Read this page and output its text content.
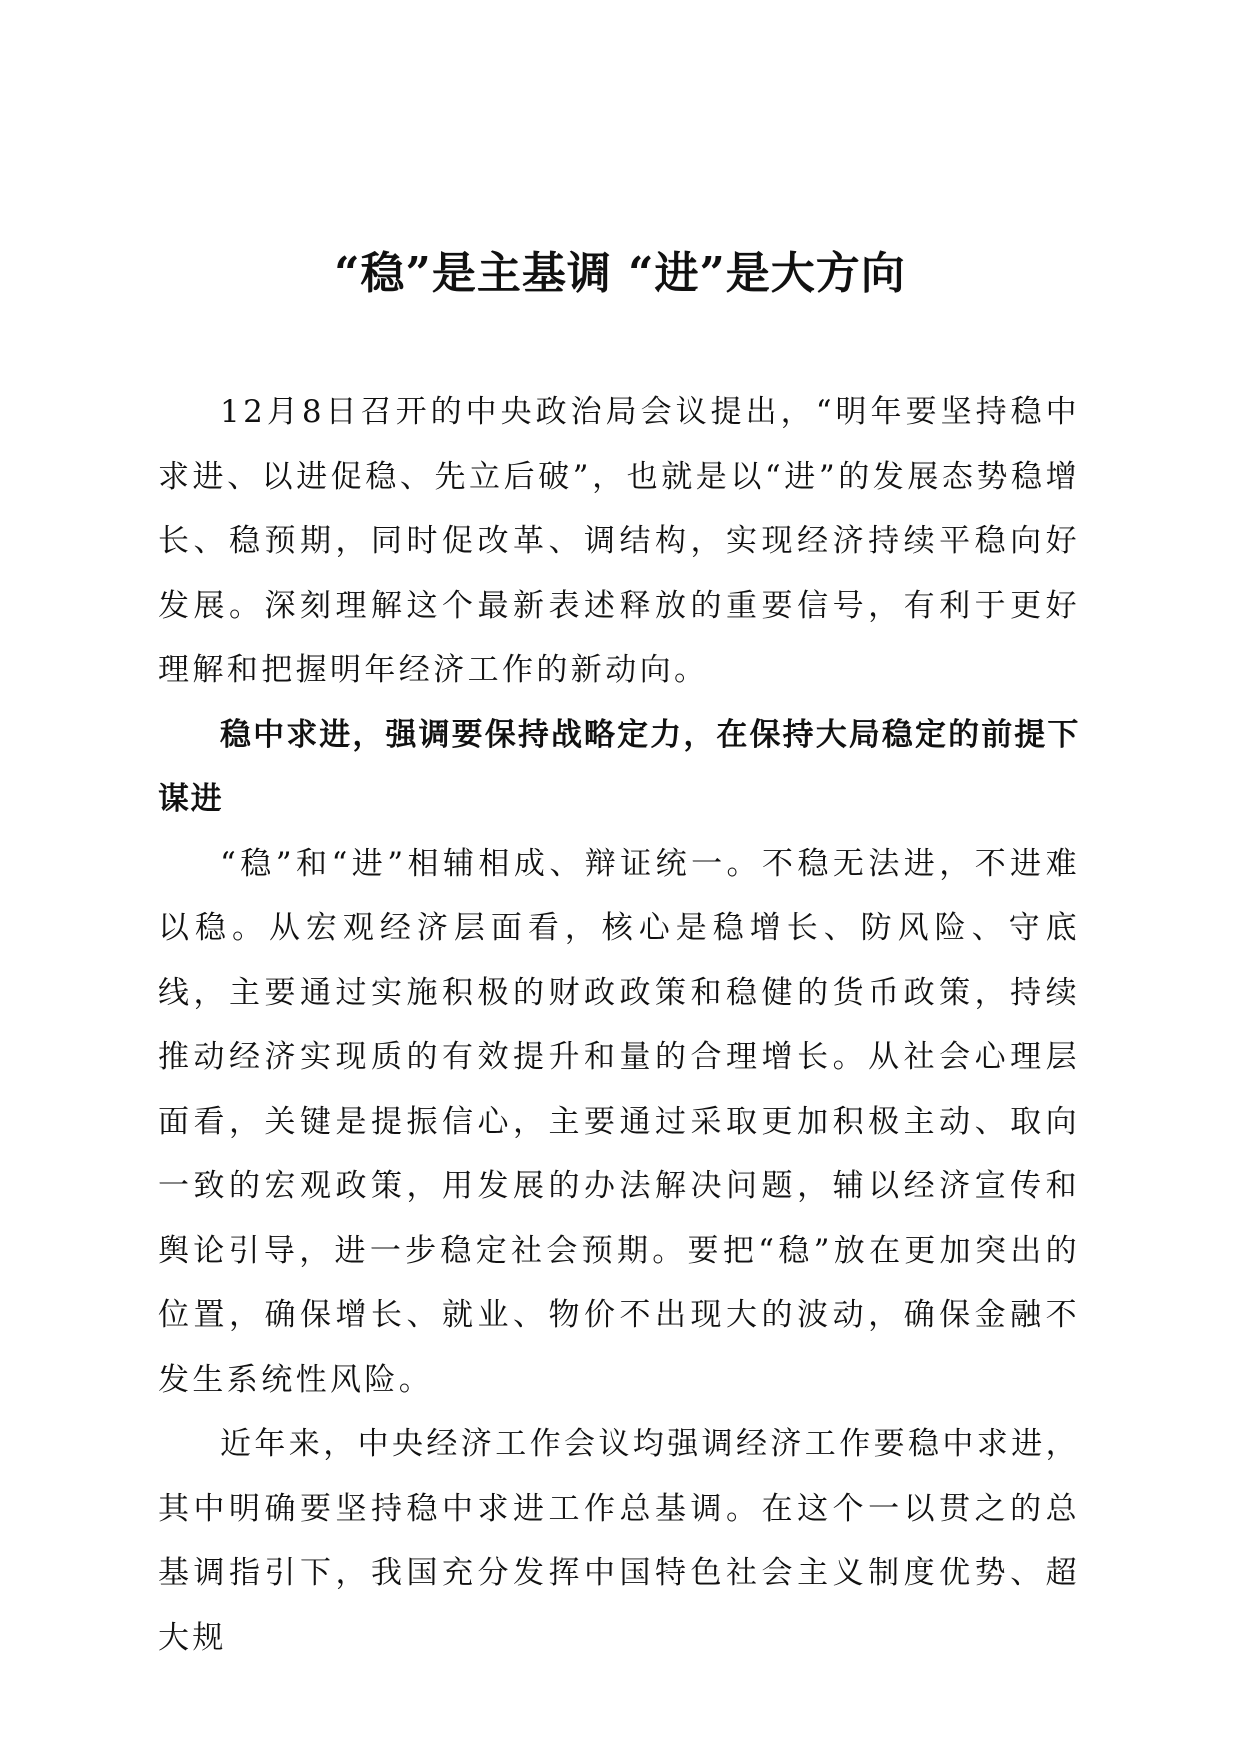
“稳”是主基调 “进”是大方向

12月8日召开的中央政治局会议提出，“明年要坚持稳中求进、以进促稳、先立后破”，也就是以“进”的发展态势稳增长、稳预期，同时促改革、调结构，实现经济持续平稳向好发展。深刻理解这个最新表述释放的重要信号，有利于更好理解和把握明年经济工作的新动向。

稳中求进，强调要保持战略定力，在保持大局稳定的前提下谋进

“稳”和“进”相辅相成、辩证统一。不稳无法进，不进难以稳。从宏观经济层面看，核心是稳增长、防风险、守底线，主要通过实施积极的财政政策和稳健的货币政策，持续推动经济实现质的有效提升和量的合理增长。从社会心理层面看，关键是提振信心，主要通过采取更加积极主动、取向一致的宏观政策，用发展的办法解决问题，辅以经济宣传和舆论引导，进一步稳定社会预期。要把“稳”放在更加突出的位置，确保增长、就业、物价不出现大的波动，确保金融不发生系统性风险。

近年来，中央经济工作会议均强调经济工作要稳中求进，其中明确要坚持稳中求进工作总基调。在这个一以贯之的总基调指引下，我国充分发挥中国特色社会主义制度优势、超大规
